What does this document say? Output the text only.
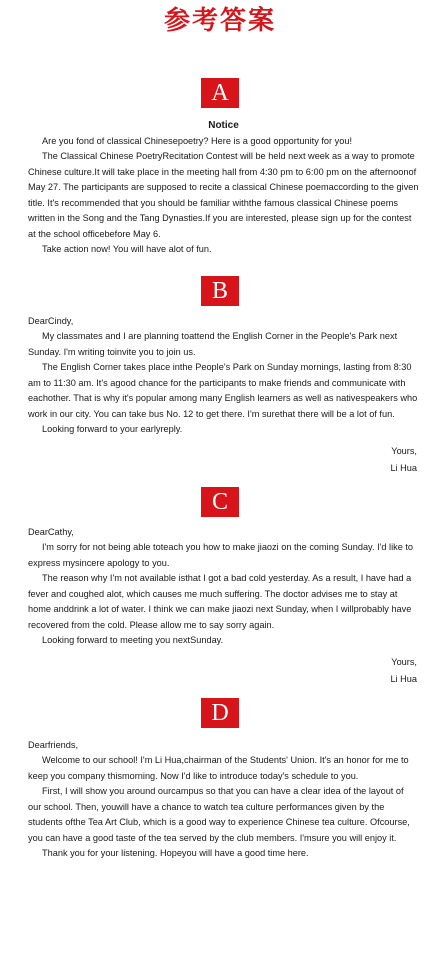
参考答案
A

Notice

Are you fond of classical Chinesepoetry? Here is a good opportunity for you!

The Classical Chinese PoetryRecitation Contest will be held next week as a way to promote Chinese culture.It will take place in the meeting hall from 4:30 pm to 6:00 pm on the afternoonof May 27. The participants are supposed to recite a classical Chinese poemaccording to the given title. It's recommended that you should be familiar withthe famous classical Chinese poems written in the Song and the Tang Dynasties.If you are interested, please sign up for the contest at the school officebefore May 6.

Take action now! You will have alot of fun.

B

DearCindy,

My classmates and I are planning toattend the English Corner in the People's Park next Sunday. I'm writing toinvite you to join us.

The English Corner takes place inthe People's Park on Sunday mornings, lasting from 8:30 am to 11:30 am. It's agood chance for the participants to make friends and communicate with eachother. That is why it's popular among many English learners as well as nativespeakers who work in our city. You can take bus No. 12 to get there. I'm surethat there will be a lot of fun.

Looking forward to your earlyreply.

Yours,

Li Hua

C

DearCathy,

I'm sorry for not being able toteach you how to make jiaozi on the coming Sunday. I'd like to express mysincere apology to you.

The reason why I'm not available isthat I got a bad cold yesterday. As a result, I have had a fever and coughed alot, which causes me much suffering. The doctor advises me to stay at home anddrink a lot of water. I think we can make jiaozi next Sunday, when I willprobably have recovered from the cold. Please allow me to say sorry again.

Looking forward to meeting you nextSunday.

Yours,

Li Hua

D

Dearfriends,

Welcome to our school! I'm Li Hua,chairman of the Students' Union. It's an honor for me to keep you company thismorning. Now I'd like to introduce today's schedule to you.

First, I will show you around ourcampus so that you can have a clear idea of the layout of our school. Then, youwill have a chance to watch tea culture performances given by the students ofthe Tea Art Club, which is a good way to experience Chinese tea culture. Ofcourse, you can have a good taste of the tea served by the club members. I'msure you will enjoy it.

Thank you for your listening. Hopeyou will have a good time here.
